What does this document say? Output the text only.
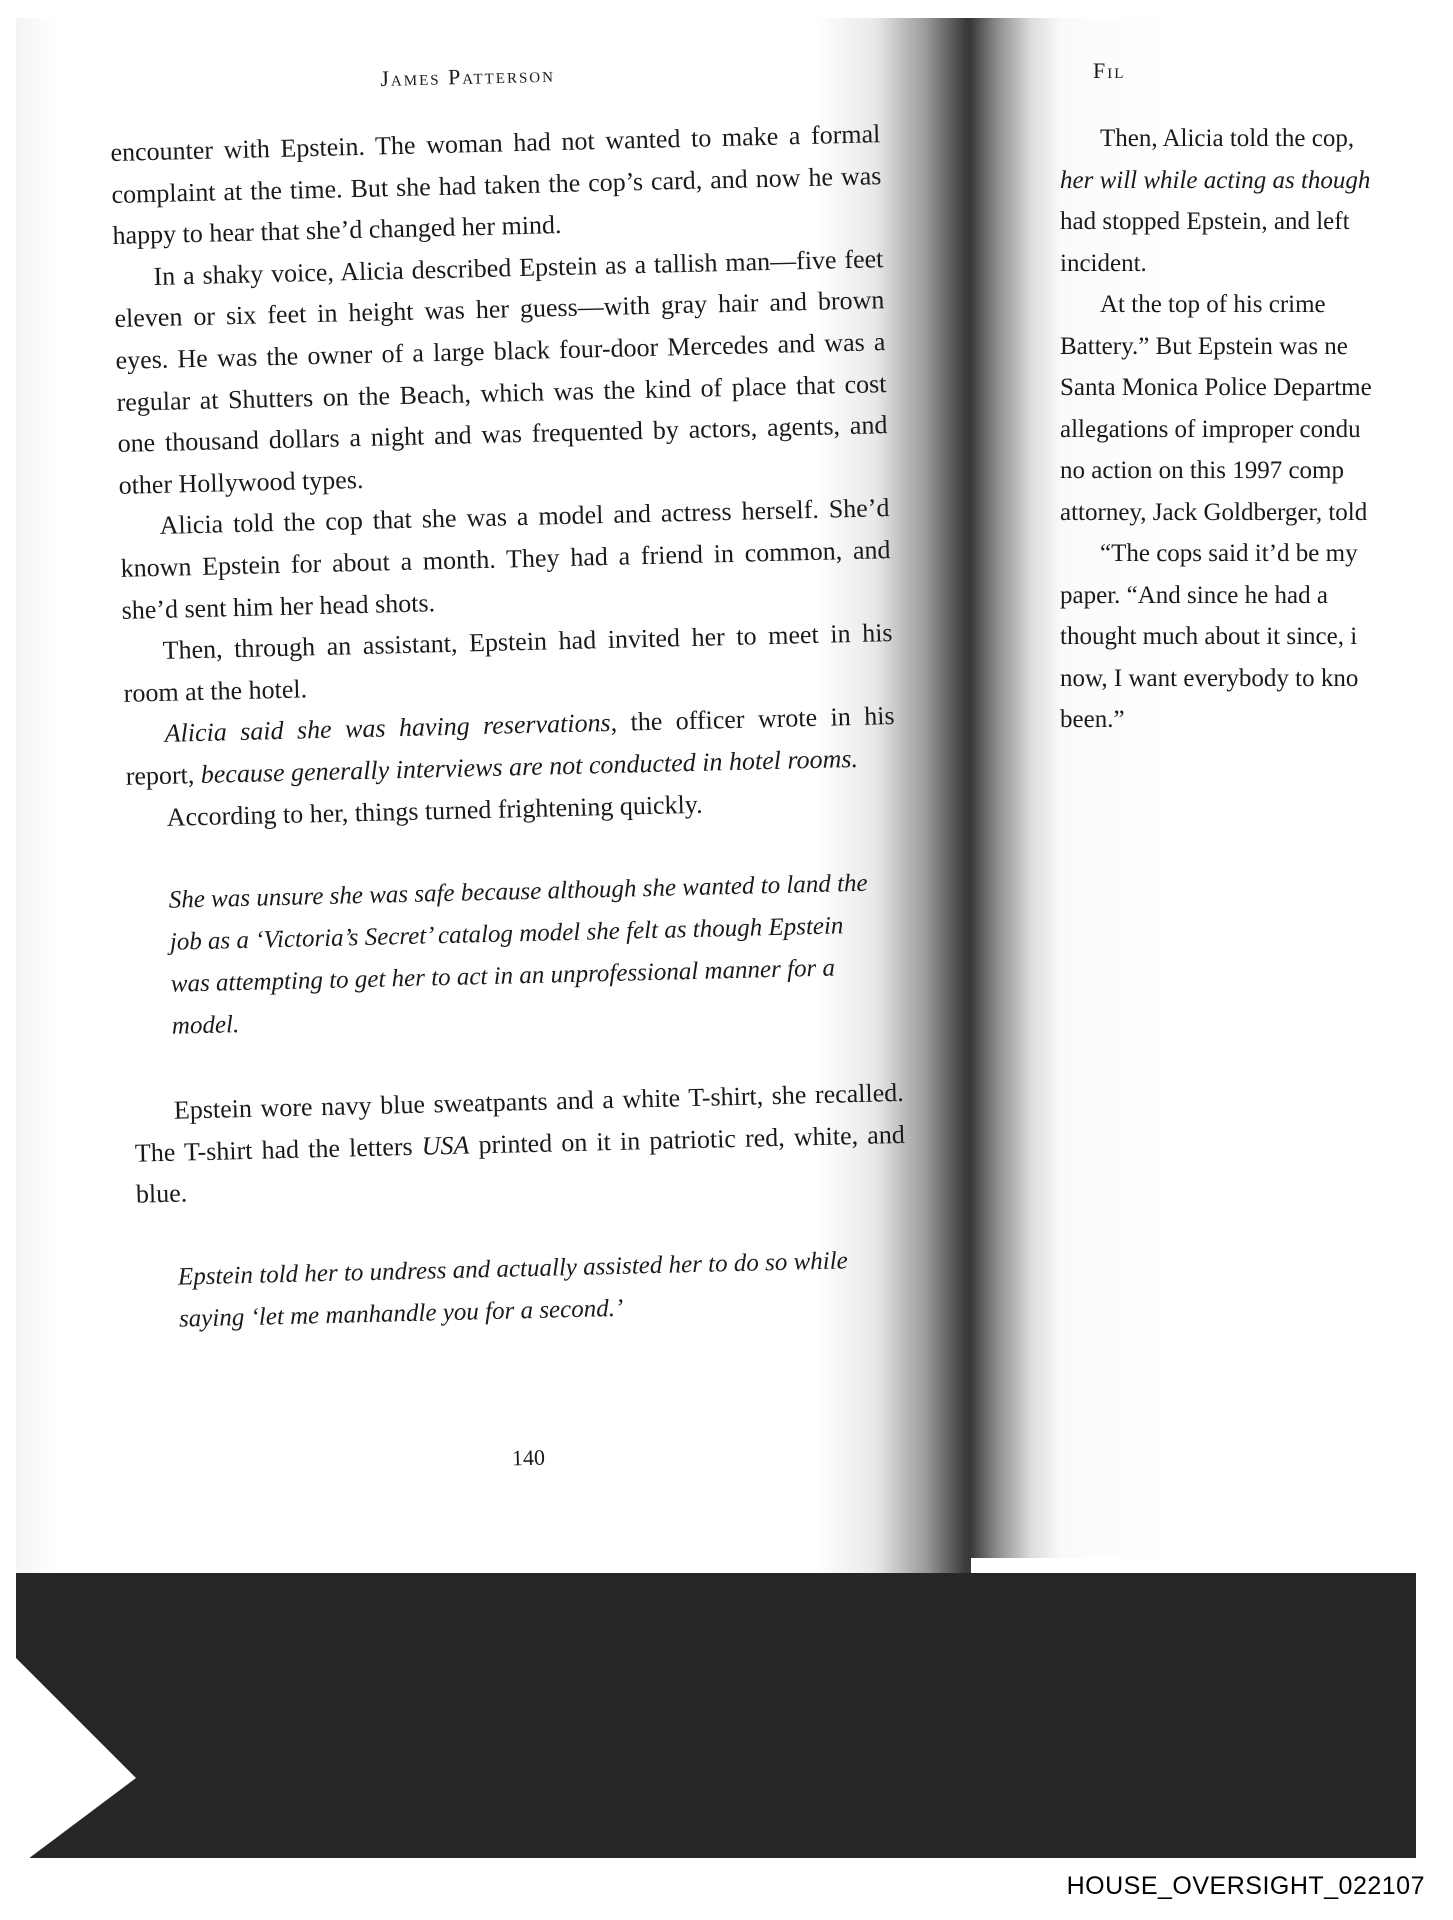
James Patterson

encounter with Epstein. The woman had not wanted to make a formal complaint at the time. But she had taken the cop’s card, and now he was happy to hear that she’d changed her mind.

In a shaky voice, Alicia described Epstein as a tallish man—five feet eleven or six feet in height was her guess—with gray hair and brown eyes. He was the owner of a large black four-door Mercedes and was a regular at Shutters on the Beach, which was the kind of place that cost one thousand dollars a night and was frequented by actors, agents, and other Hollywood types.

Alicia told the cop that she was a model and actress herself. She’d known Epstein for about a month. They had a friend in common, and she’d sent him her head shots.

Then, through an assistant, Epstein had invited her to meet in his room at the hotel.

Alicia said she was having reservations, the officer wrote in his report, because generally interviews are not conducted in hotel rooms.

According to her, things turned frightening quickly.

She was unsure she was safe because although she wanted to land the job as a ‘Victoria’s Secret’ catalog model she felt as though Epstein was attempting to get her to act in an unprofessional manner for a model.

Epstein wore navy blue sweatpants and a white T-shirt, she recalled. The T-shirt had the letters USA printed on it in patriotic red, white, and blue.

Epstein told her to undress and actually assisted her to do so while saying ‘let me manhandle you for a second.’
140
Fil
Then, Alicia told the cop,
her will while acting as though
had stopped Epstein, and left
incident.
At the top of his crime
Battery.” But Epstein was ne
Santa Monica Police Departme
allegations of improper condu
no action on this 1997 comp
attorney, Jack Goldberger, told
“The cops said it’d be my
paper. “And since he had a
thought much about it since, i
now, I want everybody to kno
been.”
HOUSE_OVERSIGHT_022107
